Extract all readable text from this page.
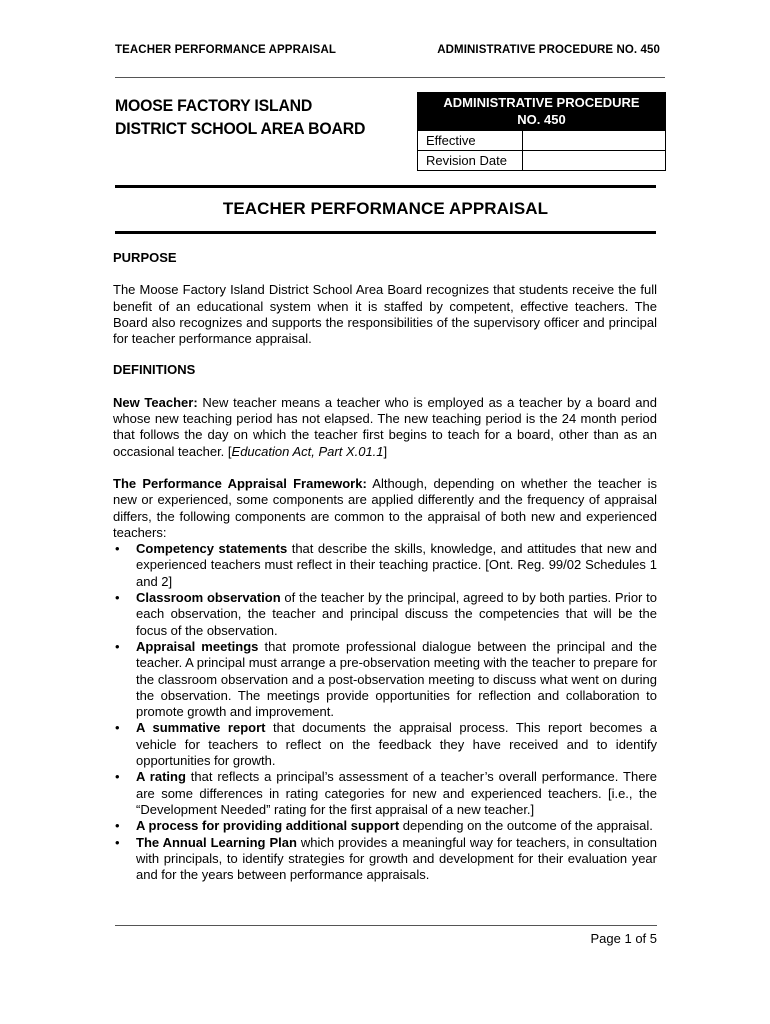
TEACHER PERFORMANCE APPRAISAL	ADMINISTRATIVE PROCEDURE NO. 450
MOOSE FACTORY ISLAND
DISTRICT SCHOOL AREA BOARD
ADMINISTRATIVE PROCEDURE
NO. 450
Effective
Revision Date
TEACHER PERFORMANCE APPRAISAL

PURPOSE

The Moose Factory Island District School Area Board recognizes that students receive the full benefit of an educational system when it is staffed by competent, effective teachers. The Board also recognizes and supports the responsibilities of the supervisory officer and principal for teacher performance appraisal.

DEFINITIONS

New Teacher: New teacher means a teacher who is employed as a teacher by a board and whose new teaching period has not elapsed. The new teaching period is the 24 month period that follows the day on which the teacher first begins to teach for a board, other than as an occasional teacher. [Education Act, Part X.01.1]

The Performance Appraisal Framework: Although, depending on whether the teacher is new or experienced, some components are applied differently and the frequency of appraisal differs, the following components are common to the appraisal of both new and experienced teachers:

• Competency statements that describe the skills, knowledge, and attitudes that new and experienced teachers must reflect in their teaching practice. [Ont. Reg. 99/02 Schedules 1 and 2]
• Classroom observation of the teacher by the principal, agreed to by both parties. Prior to each observation, the teacher and principal discuss the competencies that will be the focus of the observation.
• Appraisal meetings that promote professional dialogue between the principal and the teacher. A principal must arrange a pre-observation meeting with the teacher to prepare for the classroom observation and a post-observation meeting to discuss what went on during the observation. The meetings provide opportunities for reflection and collaboration to promote growth and improvement.
• A summative report that documents the appraisal process. This report becomes a vehicle for teachers to reflect on the feedback they have received and to identify opportunities for growth.
• A rating that reflects a principal’s assessment of a teacher’s overall performance. There are some differences in rating categories for new and experienced teachers. [i.e., the “Development Needed” rating for the first appraisal of a new teacher.]
• A process for providing additional support depending on the outcome of the appraisal.
• The Annual Learning Plan which provides a meaningful way for teachers, in consultation with principals, to identify strategies for growth and development for their evaluation year and for the years between performance appraisals.
Page 1 of 5
